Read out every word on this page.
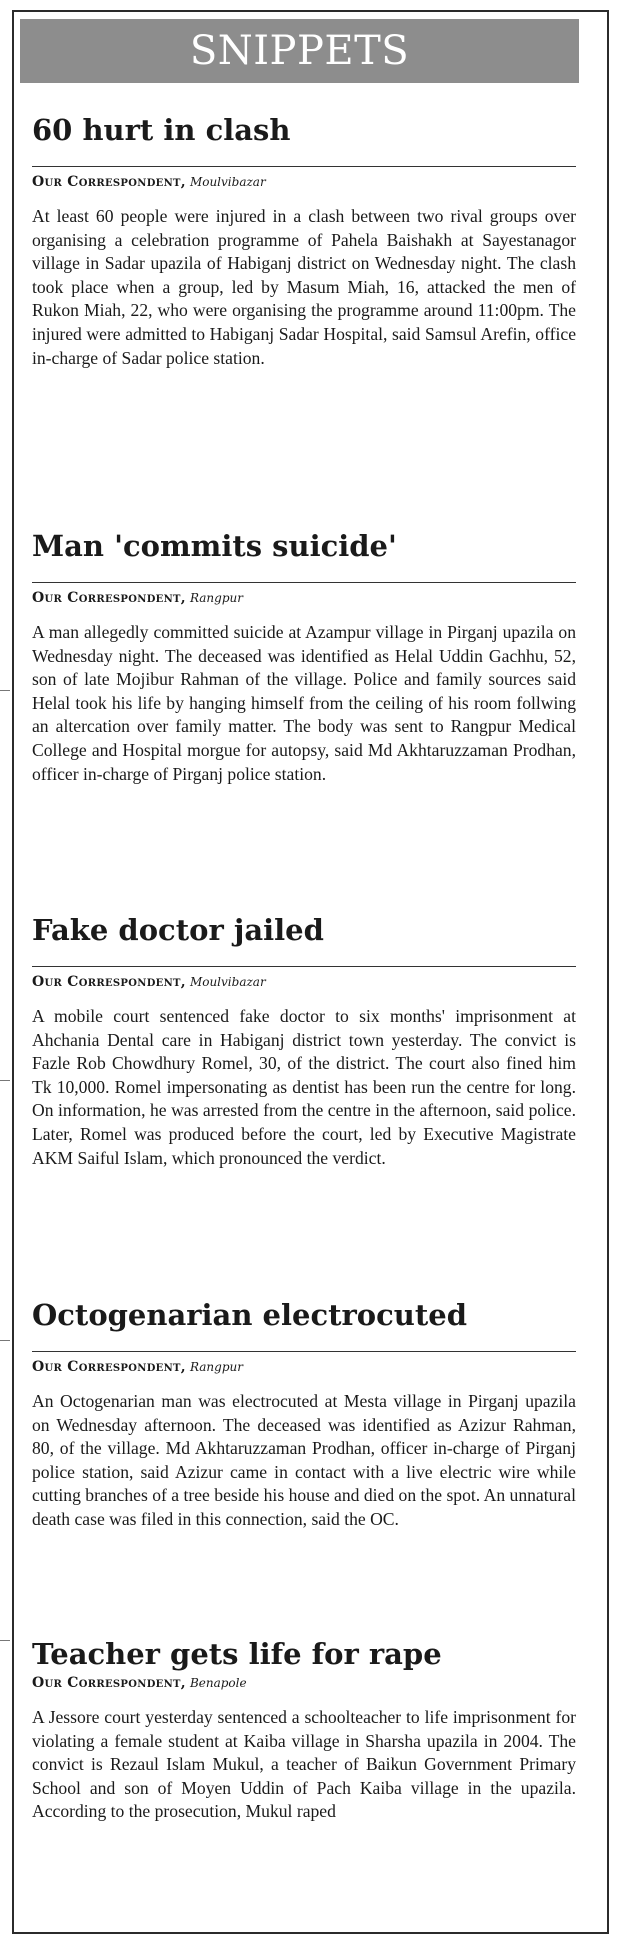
SNIPPETS
60 hurt in clash
Our Correspondent, Moulvibazar
At least 60 people were injured in a clash between two rival groups over organising a celebration programme of Pahela Baishakh at Sayestanagor village in Sadar upazila of Habiganj district on Wednesday night. The clash took place when a group, led by Masum Miah, 16, attacked the men of Rukon Miah, 22, who were organising the programme around 11:00pm. The injured were admitted to Habiganj Sadar Hospital, said Samsul Arefin, office in-charge of Sadar police station.
Man 'commits suicide'
Our Correspondent, Rangpur
A man allegedly committed suicide at Azampur village in Pirganj upazila on Wednesday night. The deceased was identified as Helal Uddin Gachhu, 52, son of late Mojibur Rahman of the village. Police and family sources said Helal took his life by hanging himself from the ceiling of his room follwing an altercation over family matter. The body was sent to Rangpur Medical College and Hospital morgue for autopsy, said Md Akhtaruzzaman Prodhan, officer in-charge of Pirganj police station.
Fake doctor jailed
Our Correspondent, Moulvibazar
A mobile court sentenced fake doctor to six months' imprisonment at Ahchania Dental care in Habiganj district town yesterday. The convict is Fazle Rob Chowdhury Romel, 30, of the district. The court also fined him Tk 10,000. Romel impersonating as dentist has been run the centre for long. On information, he was arrested from the centre in the afternoon, said police. Later, Romel was produced before the court, led by Executive Magistrate AKM Saiful Islam, which pronounced the verdict.
Octogenarian electrocuted
Our Correspondent, Rangpur
An Octogenarian man was electrocuted at Mesta village in Pirganj upazila on Wednesday afternoon. The deceased was identified as Azizur Rahman, 80, of the village. Md Akhtaruzzaman Prodhan, officer in-charge of Pirganj police station, said Azizur came in contact with a live electric wire while cutting branches of a tree beside his house and died on the spot. An unnatural death case was filed in this connection, said the OC.
Teacher gets life for rape
Our Correspondent, Benapole
A Jessore court yesterday sentenced a schoolteacher to life imprisonment for violating a female student at Kaiba village in Sharsha upazila in 2004. The convict is Rezaul Islam Mukul, a teacher of Baikun Government Primary School and son of Moyen Uddin of Pach Kaiba village in the upazila. According to the prosecution, Mukul raped
